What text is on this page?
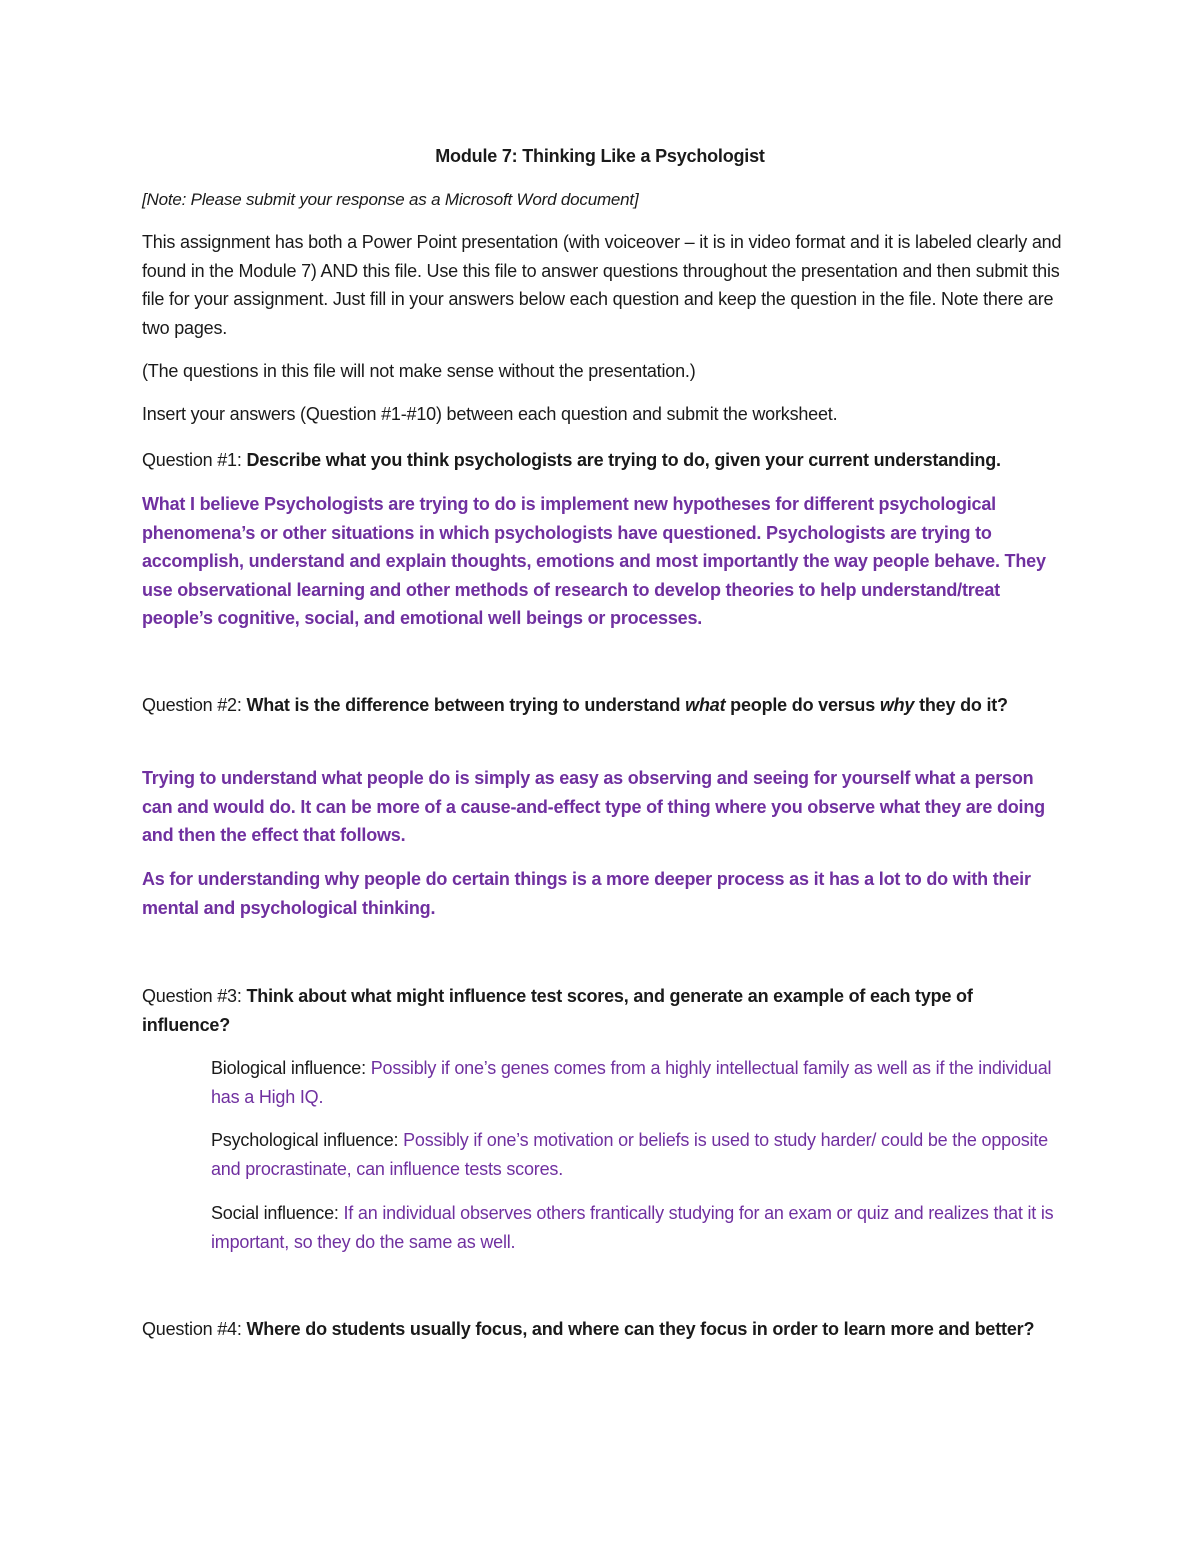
Module 7: Thinking Like a Psychologist

[Note: Please submit your response as a Microsoft Word document]

This assignment has both a Power Point presentation (with voiceover – it is in video format and it is labeled clearly and found in the Module 7) AND this file. Use this file to answer questions throughout the presentation and then submit this file for your assignment. Just fill in your answers below each question and keep the question in the file. Note there are two pages.

(The questions in this file will not make sense without the presentation.)

Insert your answers (Question #1-#10) between each question and submit the worksheet.

Question #1: Describe what you think psychologists are trying to do, given your current understanding.

What I believe Psychologists are trying to do is implement new hypotheses for different psychological phenomena’s or other situations in which psychologists have questioned. Psychologists are trying to accomplish, understand and explain thoughts, emotions and most importantly the way people behave. They use observational learning and other methods of research to develop theories to help understand/treat people’s cognitive, social, and emotional well beings or processes.

Question #2: What is the difference between trying to understand what people do versus why they do it?

Trying to understand what people do is simply as easy as observing and seeing for yourself what a person can and would do. It can be more of a cause-and-effect type of thing where you observe what they are doing and then the effect that follows.

As for understanding why people do certain things is a more deeper process as it has a lot to do with their mental and psychological thinking.

Question #3: Think about what might influence test scores, and generate an example of each type of influence?

Biological influence: Possibly if one’s genes comes from a highly intellectual family as well as if the individual has a High IQ.

Psychological influence: Possibly if one’s motivation or beliefs is used to study harder/ could be the opposite and procrastinate, can influence tests scores.

Social influence: If an individual observes others frantically studying for an exam or quiz and realizes that it is important, so they do the same as well.

Question #4: Where do students usually focus, and where can they focus in order to learn more and better?
